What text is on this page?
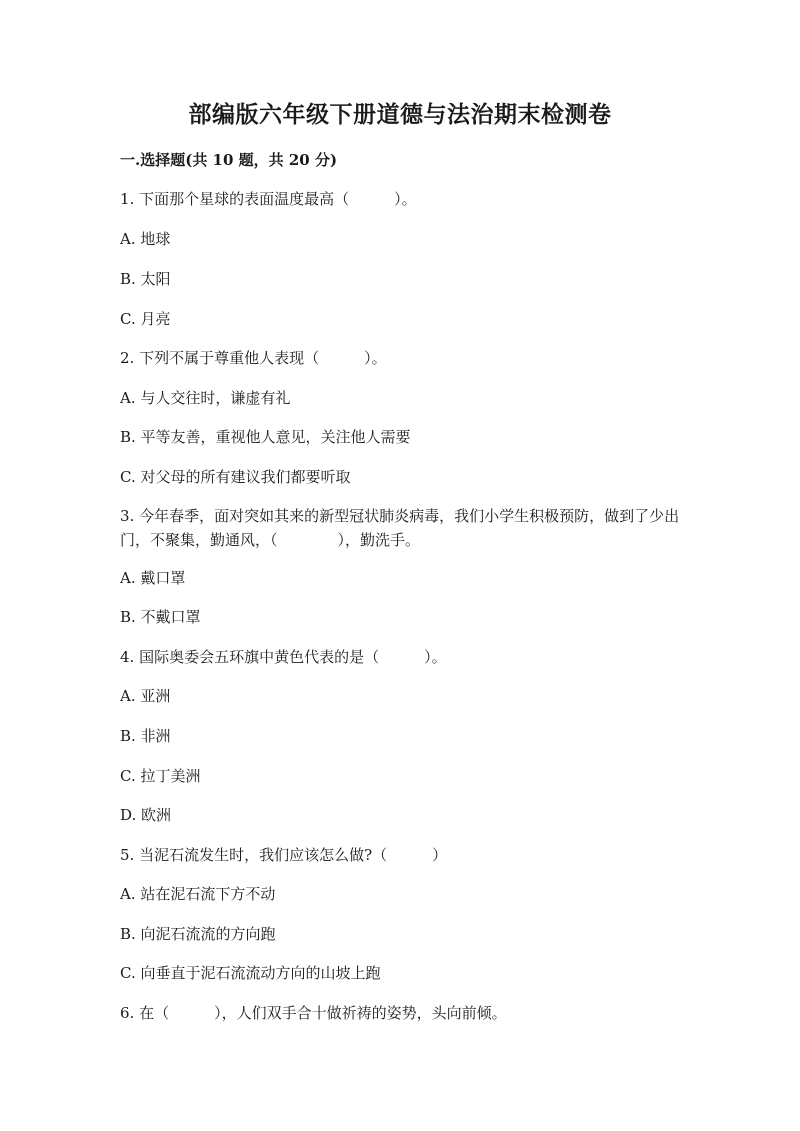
部编版六年级下册道德与法治期末检测卷
一.选择题(共 10 题，共 20 分)
1. 下面那个星球的表面温度最高（　　　）。
A. 地球
B. 太阳
C. 月亮
2. 下列不属于尊重他人表现（　　　）。
A. 与人交往时，谦虚有礼
B. 平等友善，重视他人意见，关注他人需要
C. 对父母的所有建议我们都要听取
3. 今年春季，面对突如其来的新型冠状肺炎病毒，我们小学生积极预防，做到了少出门，不聚集，勤通风，（　　　　），勤洗手。
A. 戴口罩
B. 不戴口罩
4. 国际奥委会五环旗中黄色代表的是（　　　）。
A. 亚洲
B. 非洲
C. 拉丁美洲
D. 欧洲
5. 当泥石流发生时，我们应该怎么做?（　　　）
A. 站在泥石流下方不动
B. 向泥石流流的方向跑
C. 向垂直于泥石流流动方向的山坡上跑
6. 在（　　　），人们双手合十做祈祷的姿势，头向前倾。
